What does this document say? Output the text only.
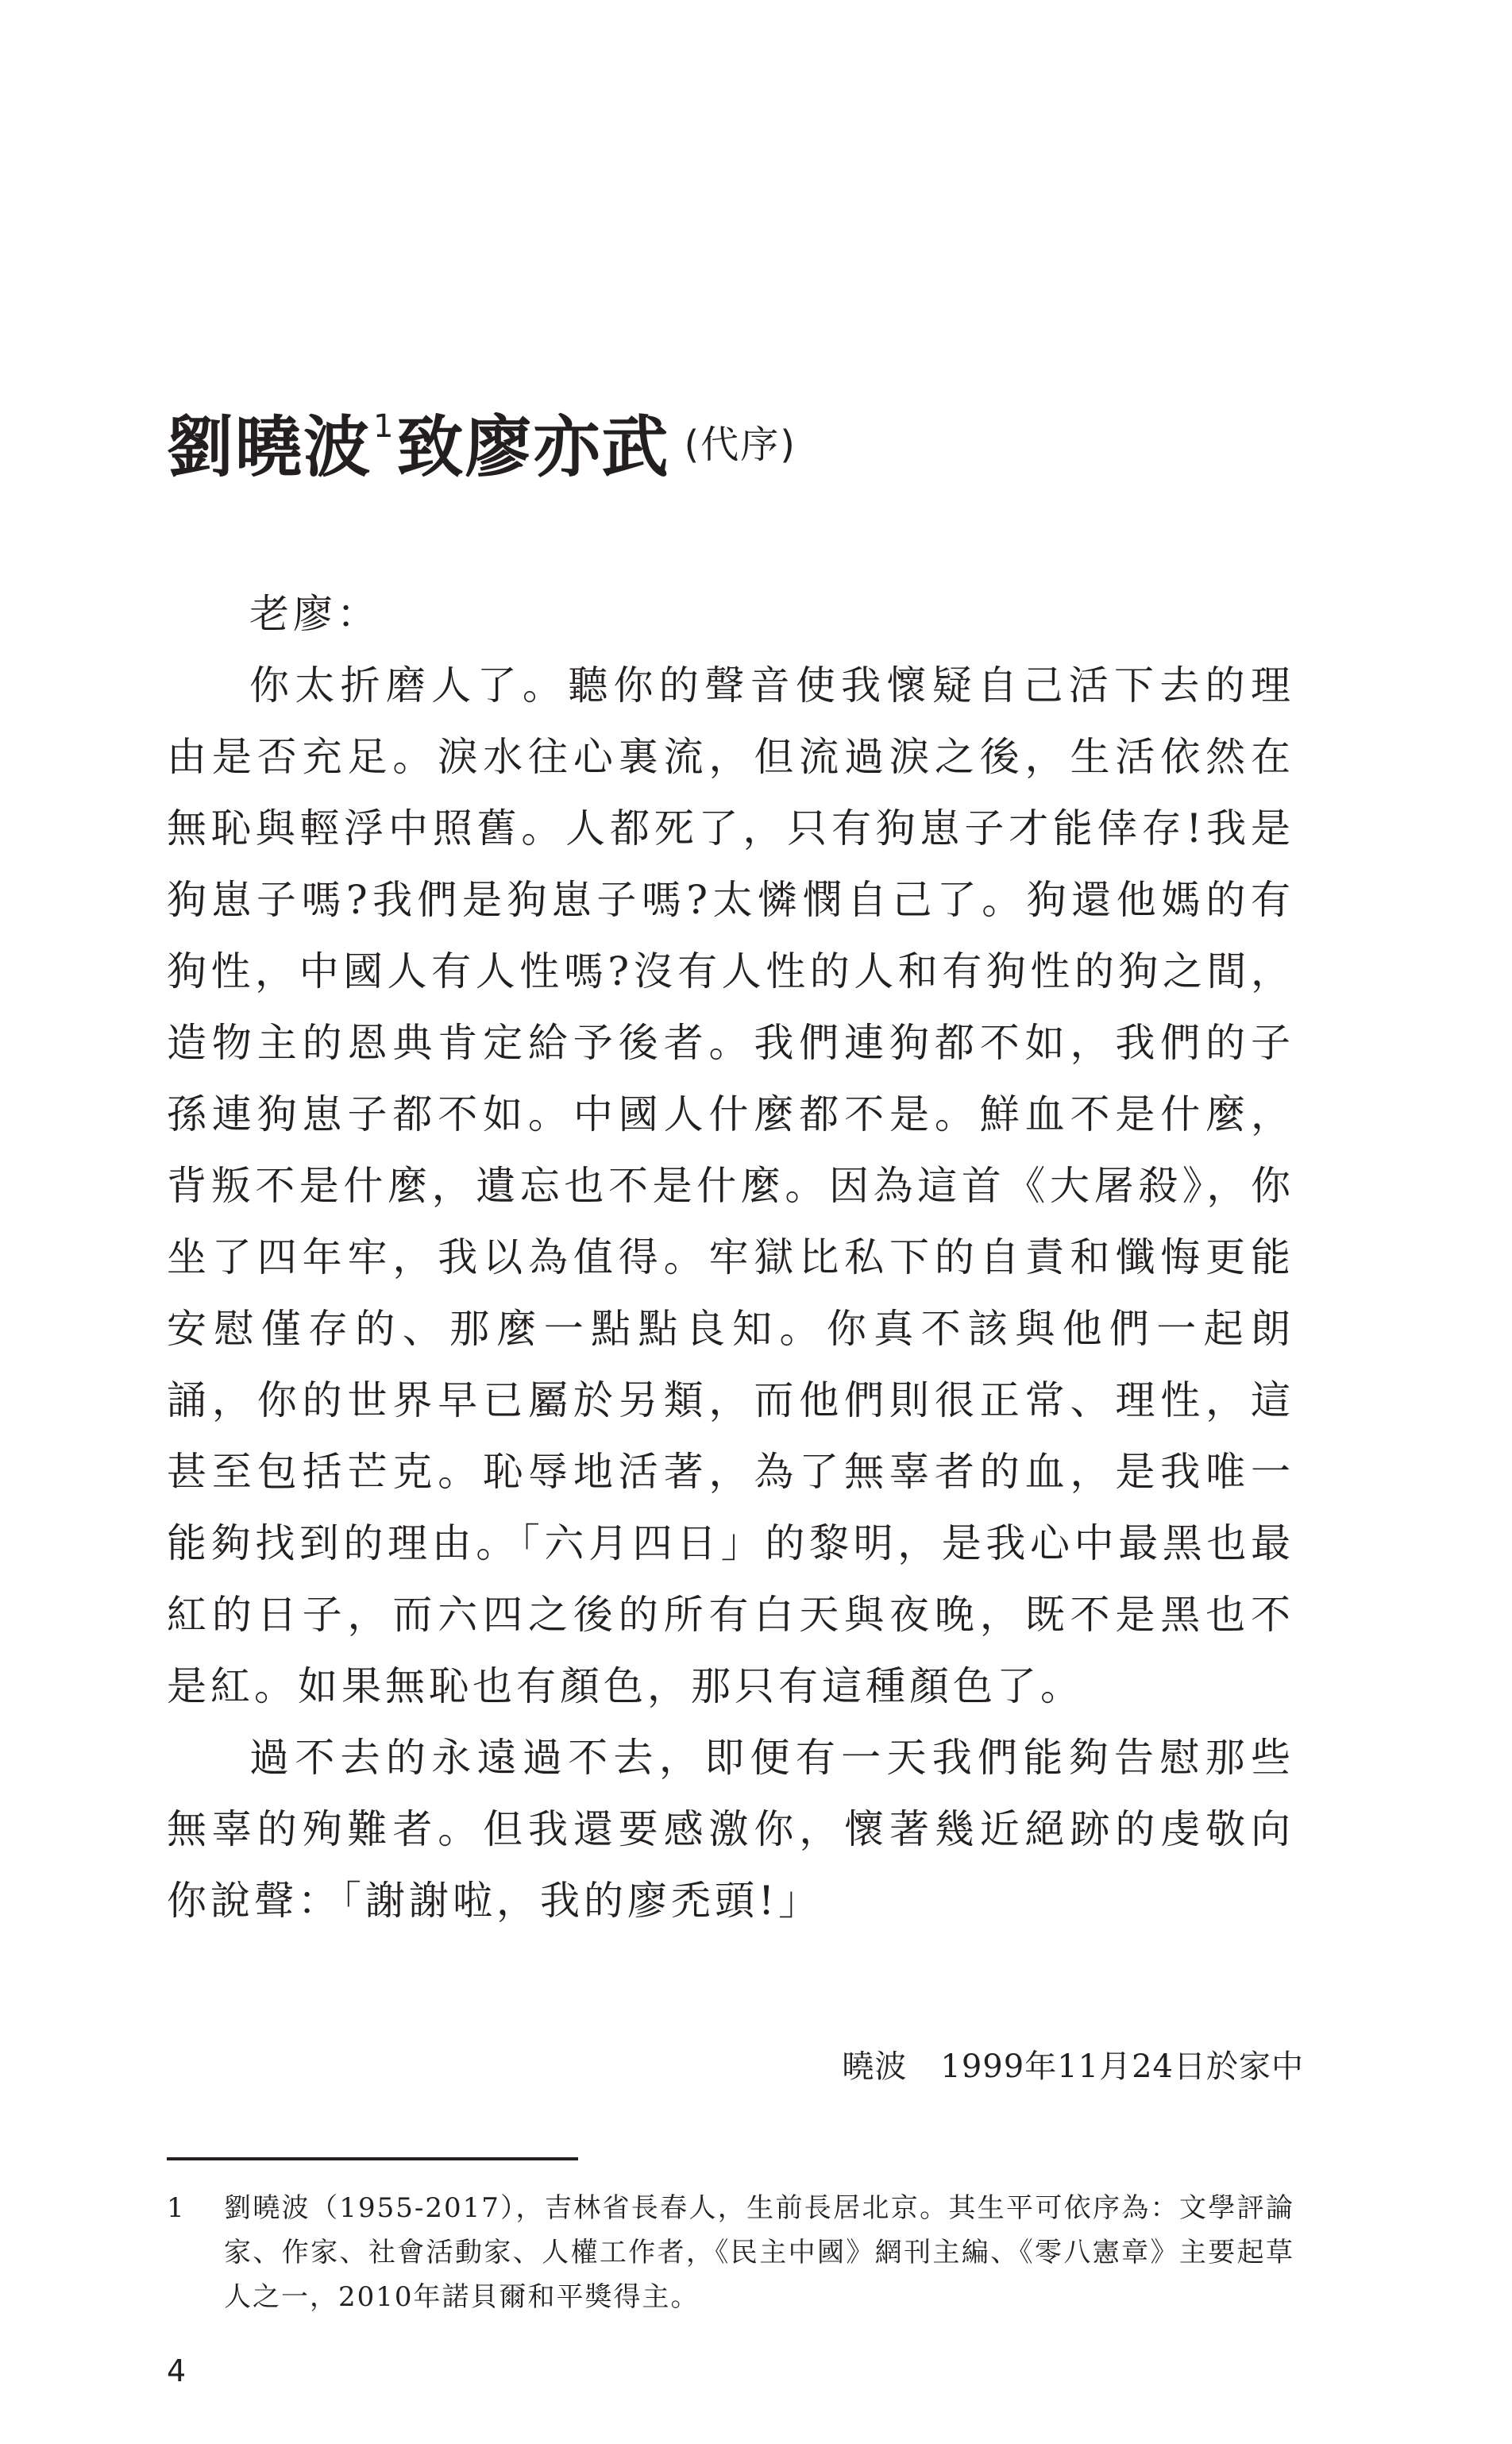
劉曉波$^1$致廖亦武 $^{(代序)}$

老廖：

你太折磨人了。聽你的聲音使我懷疑自己活下去的理由是否充足。淚水往心裏流，但流過淚之後，生活依然在無恥與輕浮中照舊。人都死了，只有狗崽子才能倖存!我是狗崽子嗎?我們是狗崽子嗎?太憐憫自己了。狗還他媽的有狗性，中國人有人性嗎?沒有人性的人和有狗性的狗之間，造物主的恩典肯定給予後者。我們連狗都不如，我們的子孫連狗崽子都不如。中國人什麼都不是。鮮血不是什麼，背叛不是什麼，遺忘也不是什麼。因為這首《大屠殺》，你坐了四年牢，我以為值得。牢獄比私下的自責和懺悔更能安慰僅存的、那麼一點點良知。你真不該與他們一起朗誦，你的世界早已屬於另類，而他們則很正常、理性，這甚至包括芒克。恥辱地活著，為了無辜者的血，是我唯一能夠找到的理由。「六月四日」的黎明，是我心中最黑也最紅的日子，而六四之後的所有白天與夜晚，既不是黑也不是紅。如果無恥也有顏色，那只有這種顏色了。

過不去的永遠過不去，即便有一天我們能夠告慰那些無辜的殉難者。但我還要感激你，懷著幾近絕跡的虔敬向你說聲：「謝謝啦，我的廖禿頭!」

曉波 1999年11月24日於家中
1 劉曉波（1955-2017），吉林省長春人，生前長居北京。其生平可依序為：文學評論家、作家、社會活動家、人權工作者，《民主中國》網刊主編、《零八憲章》主要起草人之一，2010年諾貝爾和平獎得主。
4
